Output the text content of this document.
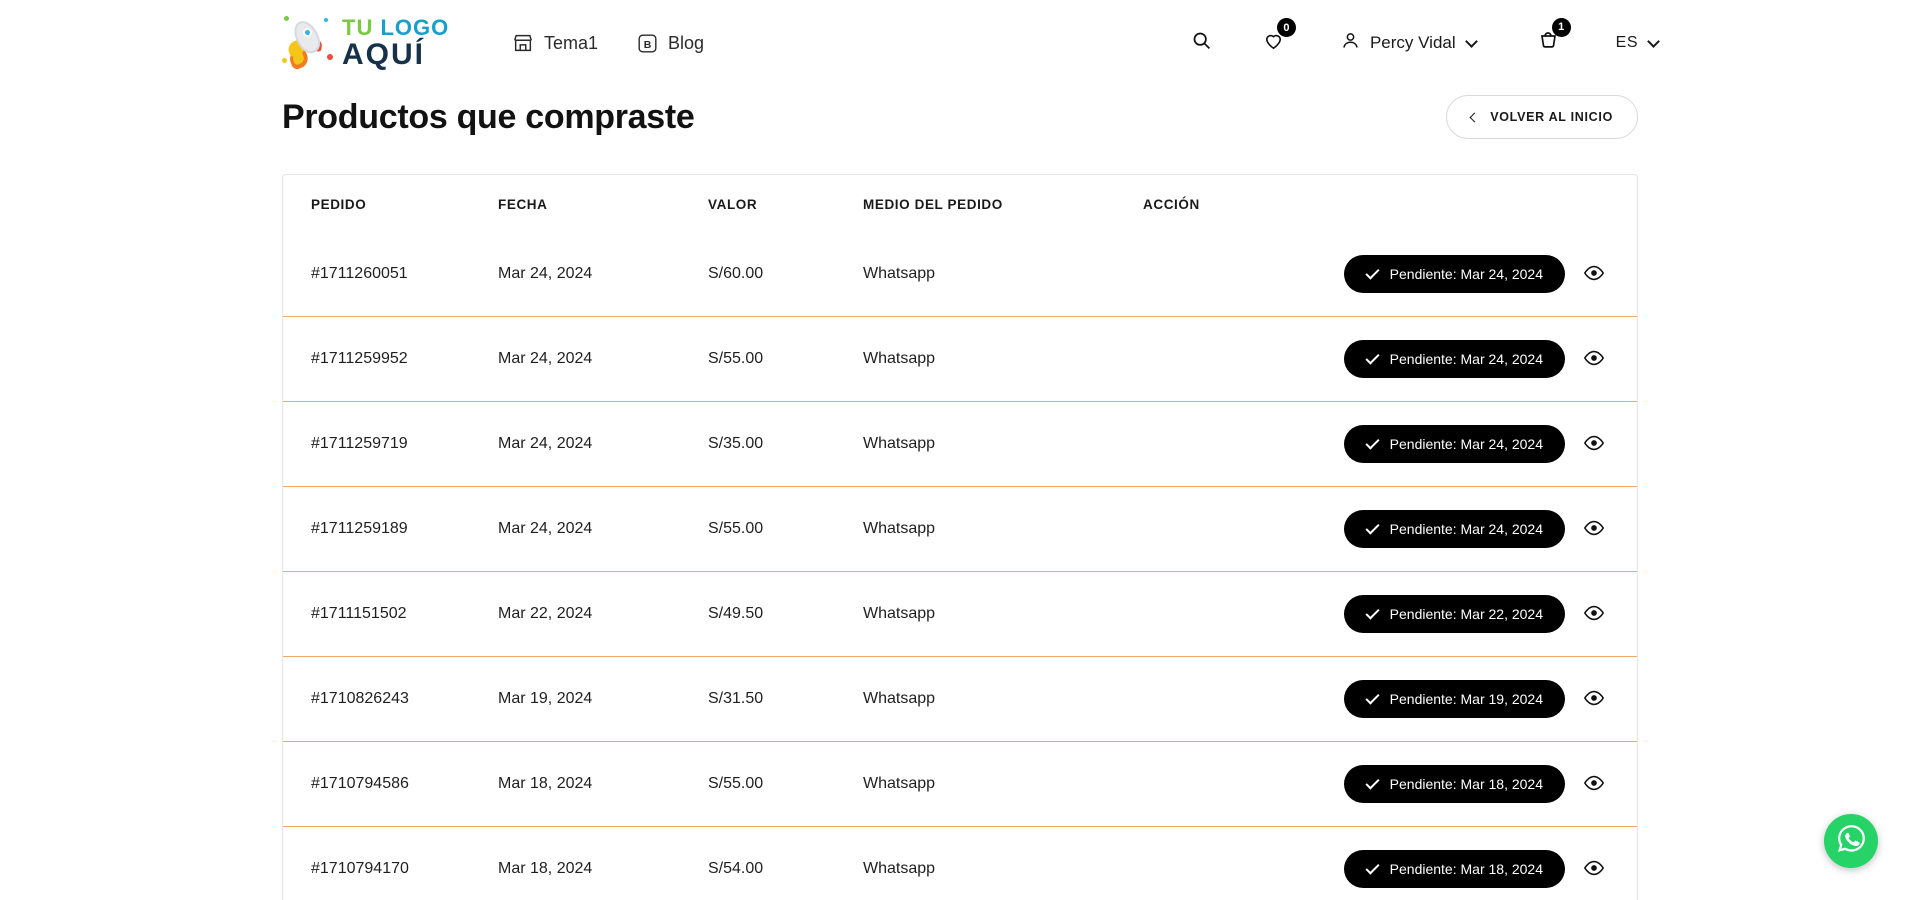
TU LOGO
AQUÍ	Tema1	B Blog
0
Percy Vidal
1
ES
Productos que compraste	VOLVER AL INICIO
PEDIDO	FECHA	VALOR	MEDIO DEL PEDIDO	ACCIÓN
#1711260051	Mar 24, 2024	S/60.00	Whatsapp	Pendiente: Mar 24, 2024

#1711259952	Mar 24, 2024	S/55.00	Whatsapp	Pendiente: Mar 24, 2024

#1711259719	Mar 24, 2024	S/35.00	Whatsapp	Pendiente: Mar 24, 2024

#1711259189	Mar 24, 2024	S/55.00	Whatsapp	Pendiente: Mar 24, 2024

#1711151502	Mar 22, 2024	S/49.50	Whatsapp	Pendiente: Mar 22, 2024

#1710826243	Mar 19, 2024	S/31.50	Whatsapp	Pendiente: Mar 19, 2024

#1710794586	Mar 18, 2024	S/55.00	Whatsapp	Pendiente: Mar 18, 2024

#1710794170	Mar 18, 2024	S/54.00	Whatsapp	Pendiente: Mar 18, 2024
